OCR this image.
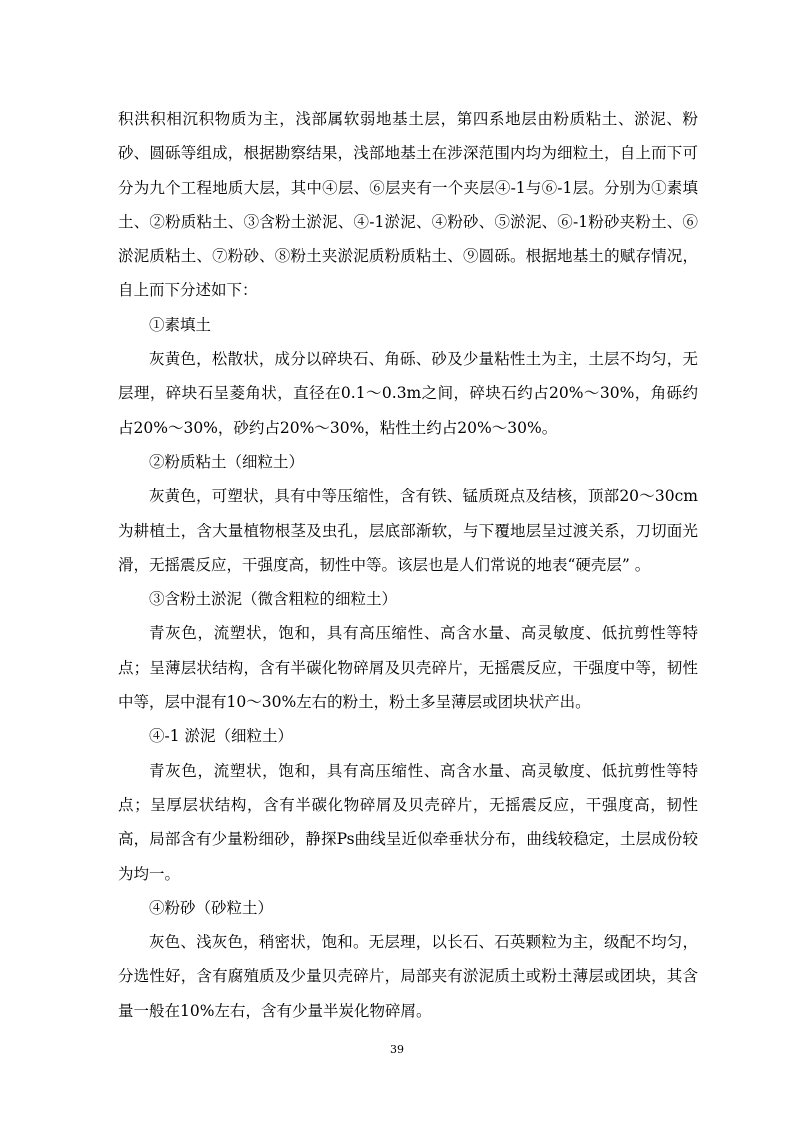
积洪积相沉积物质为主，浅部属软弱地基土层，第四系地层由粉质粘土、淤泥、粉砂、圆砾等组成，根据勘察结果，浅部地基土在涉深范围内均为细粒土，自上而下可分为九个工程地质大层，其中④层、⑥层夹有一个夹层④-1与⑥-1层。分别为①素填土、②粉质粘土、③含粉土淤泥、④-1淤泥、④粉砂、⑤淤泥、⑥-1粉砂夹粉土、⑥淤泥质粘土、⑦粉砂、⑧粉土夹淤泥质粉质粘土、⑨圆砾。根据地基土的赋存情况，自上而下分述如下：

①素填土

灰黄色，松散状，成分以碎块石、角砾、砂及少量粘性土为主，土层不均匀，无层理，碎块石呈菱角状，直径在0.1～0.3m之间，碎块石约占20%～30%，角砾约占20%～30%，砂约占20%～30%，粘性土约占20%～30%。

②粉质粘土（细粒土）

灰黄色，可塑状，具有中等压缩性，含有铁、锰质斑点及结核，顶部20～30cm为耕植土，含大量植物根茎及虫孔，层底部渐软，与下覆地层呈过渡关系，刀切面光滑，无摇震反应，干强度高，韧性中等。该层也是人们常说的地表“硬壳层” 。

③含粉土淤泥（微含粗粒的细粒土）

青灰色，流塑状，饱和，具有高压缩性、高含水量、高灵敏度、低抗剪性等特点；呈薄层状结构，含有半碳化物碎屑及贝壳碎片，无摇震反应，干强度中等，韧性中等，层中混有10～30%左右的粉土，粉土多呈薄层或团块状产出。

④-1 淤泥（细粒土）

青灰色，流塑状，饱和，具有高压缩性、高含水量、高灵敏度、低抗剪性等特点；呈厚层状结构，含有半碳化物碎屑及贝壳碎片，无摇震反应，干强度高，韧性高，局部含有少量粉细砂，静探Ps曲线呈近似牵垂状分布，曲线较稳定，土层成份较为均一。

④粉砂（砂粒土）

灰色、浅灰色，稍密状，饱和。无层理，以长石、石英颗粒为主，级配不均匀，分选性好，含有腐殖质及少量贝壳碎片，局部夹有淤泥质土或粉土薄层或团块，其含量一般在10%左右，含有少量半炭化物碎屑。

39
